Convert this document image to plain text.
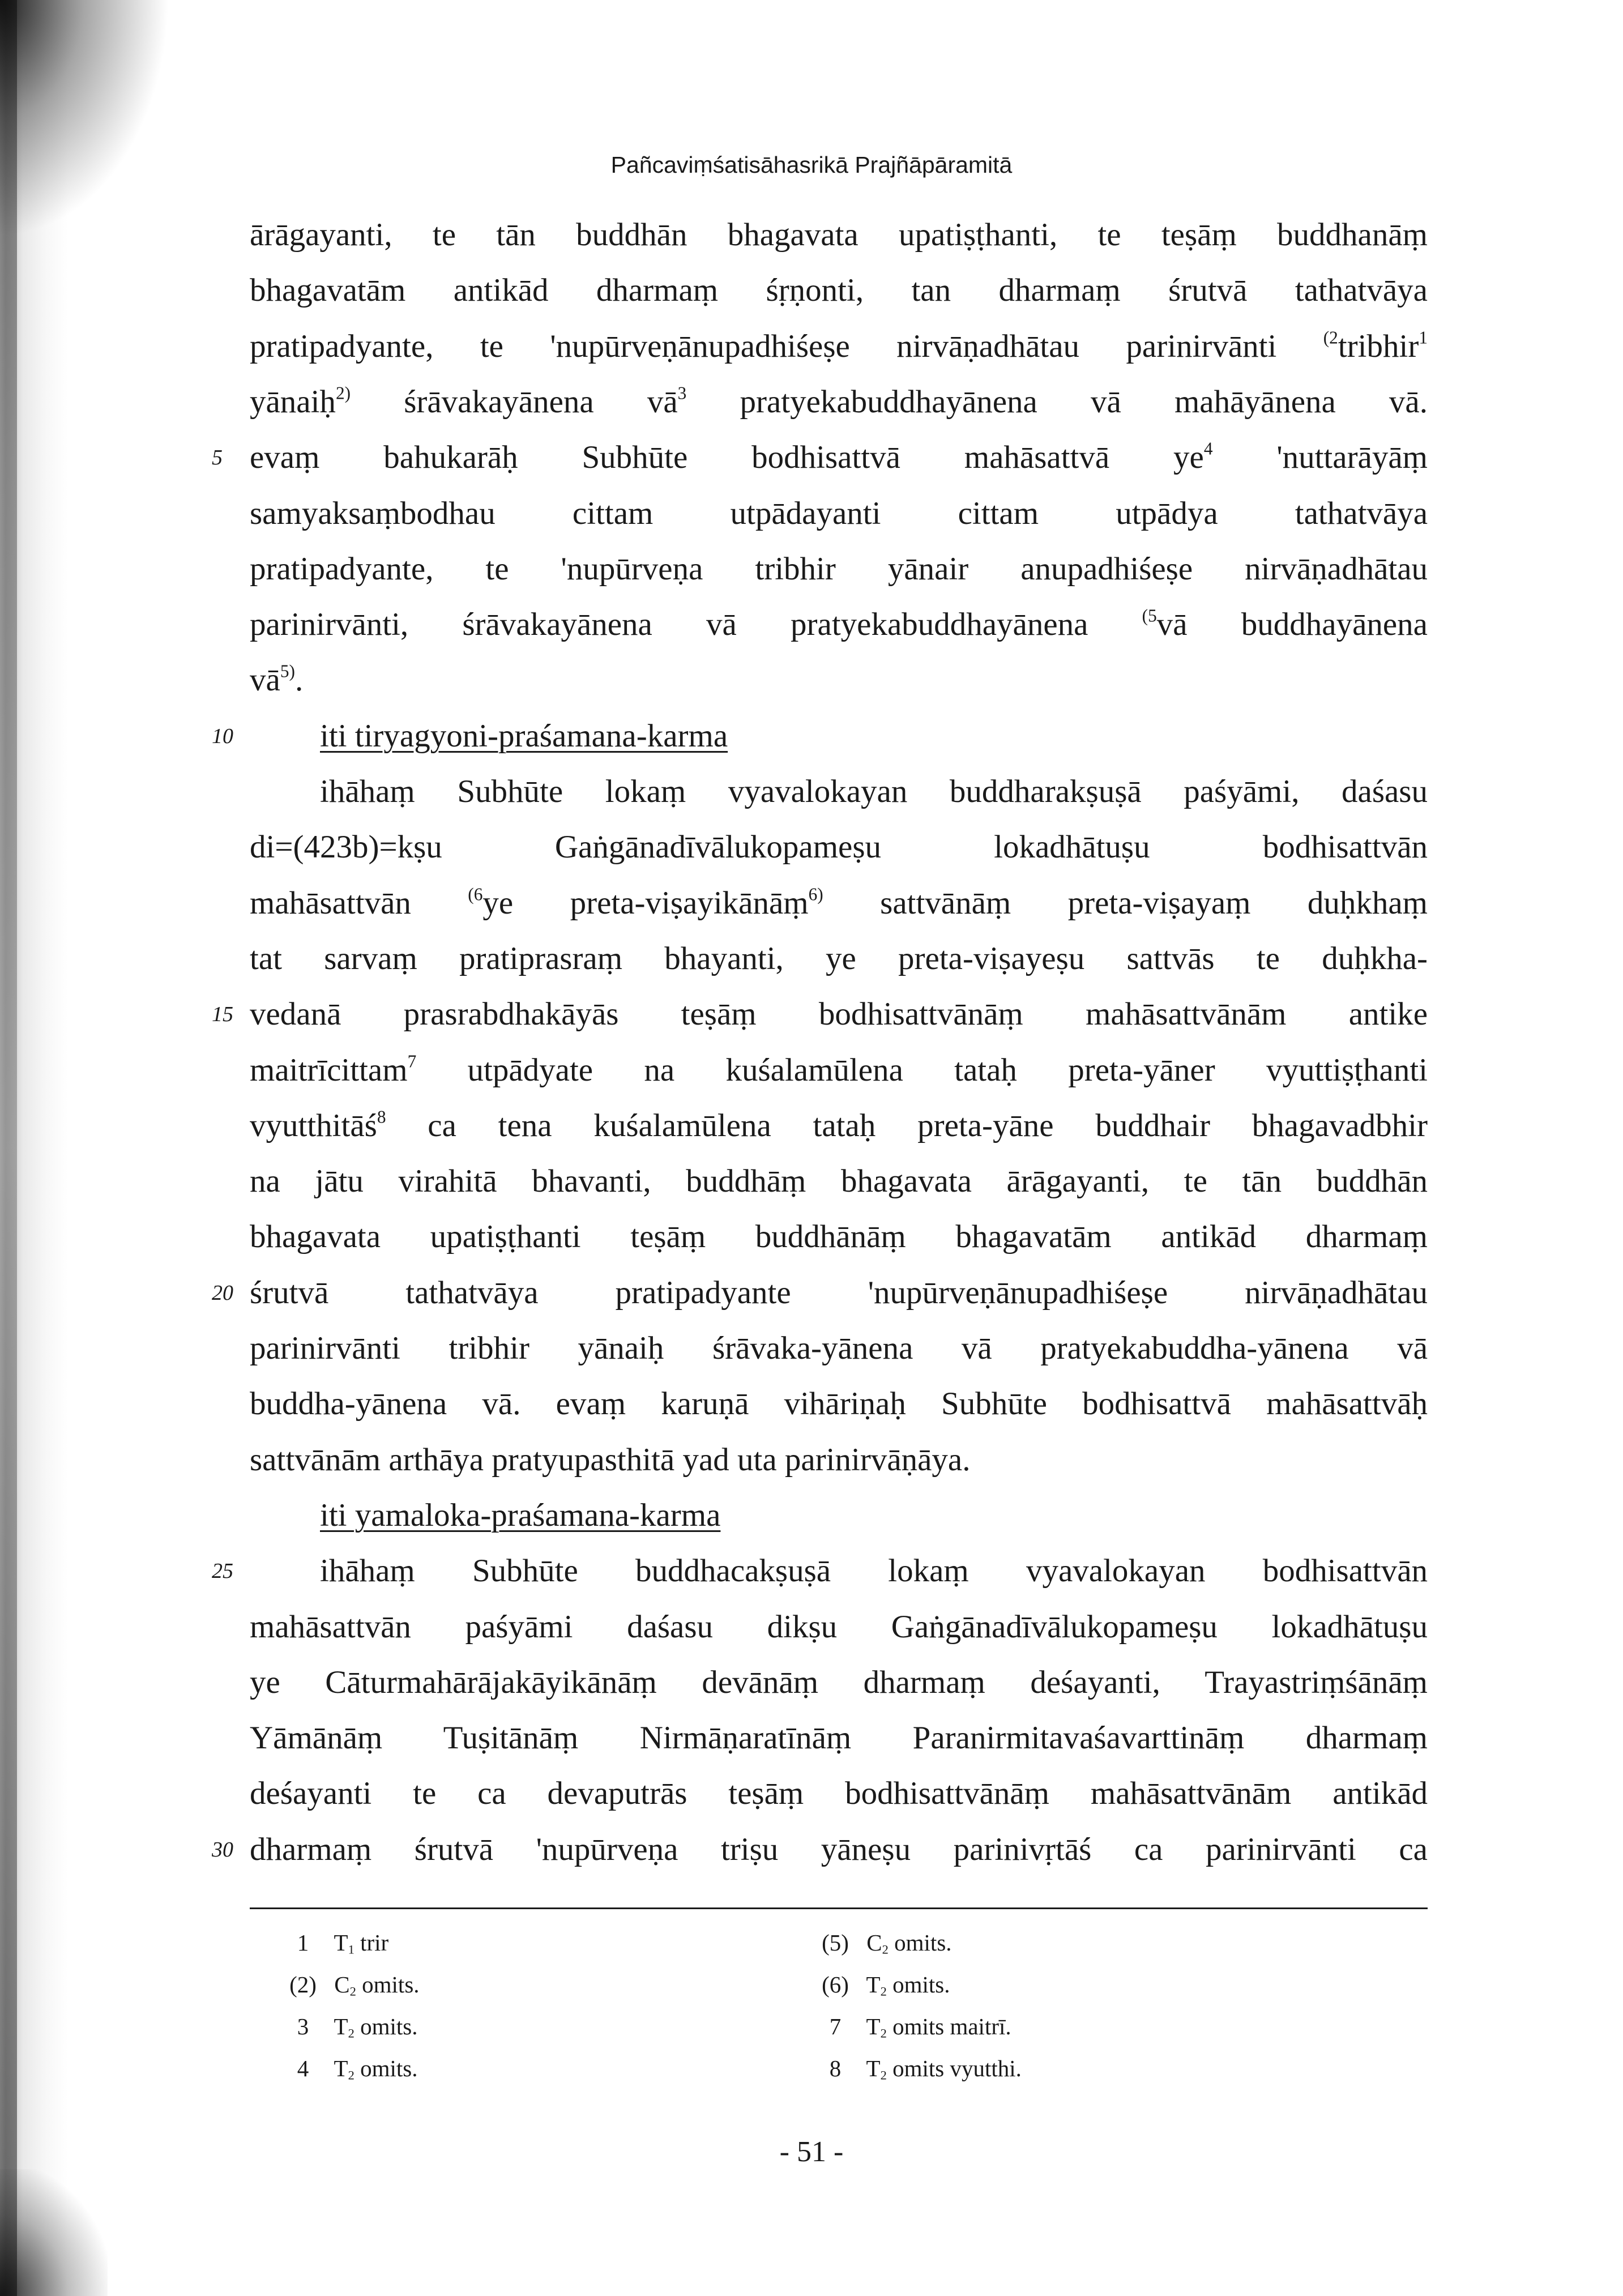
Pañcaviṃśatisāhasrikā Prajñāpāramitā
ārāgayanti, te tān buddhān bhagavata upatiṣṭhanti, te teṣāṃ buddhanāṃ
bhagavatām antikād dharmaṃ śṛṇonti, tan dharmaṃ śrutvā tathatvāya
pratipadyante, te 'nupūrveṇānupadhiśeṣe nirvāṇadhātau parinirvānti $^{(2}$tribhir$^1$
yānaiḥ$^{2)}$ śrāvakayānena $vā^3$ pratyekabuddhayānena vā mahāyānena vā.
evaṃ bahukarāḥ Subhūte bodhisattvā mahāsattvā $ye^4$ 'nuttarāyāṃ
5
samyaksaṃbodhau cittam utpādayanti cittam utpādya tathatvāya
pratipadyante, te 'nupūrveṇa tribhir yānair anupadhiśeṣe nirvāṇadhātau
parinirvānti, śrāvakayānena vā pratyekabuddhayānena $^{(5}$vā buddhayānena
$vā^{5)}$.
iti tiryagyoni-praśamana-karma
10
ihāhaṃ Subhūte lokaṃ vyavalokayan buddharakṣuṣā paśyāmi, daśasu
di=(423b)=kṣu Gaṅgānadīvālukopameṣu lokadhātuṣu bodhisattvān
mahāsattvān $^{(6}$ye preta-viṣayikānāṃ$^{6)}$ sattvānāṃ preta-viṣayaṃ duḥkhaṃ
tat sarvaṃ pratiprasraṃ bhayanti, ye preta-viṣayeṣu sattvās te duḥkha-
vedanā prasrabdhakāyās teṣāṃ bodhisattvānāṃ mahāsattvānām antike
15
maitrīcittam$^7$ utpādyate na kuśalamūlena tataḥ preta-yāner vyuttiṣṭhanti
vyutthitāś$^8$ ca tena kuśalamūlena tataḥ preta-yāne buddhair bhagavadbhir
na jātu virahitā bhavanti, buddhāṃ bhagavata ārāgayanti, te tān buddhān
bhagavata upatiṣṭhanti teṣāṃ buddhānāṃ bhagavatām antikād dharmaṃ
śrutvā tathatvāya pratipadyante 'nupūrveṇānupadhiśeṣe nirvāṇadhātau
20
parinirvānti tribhir yānaiḥ śrāvaka-yānena vā pratyekabuddha-yānena vā
buddha-yānena vā. evaṃ karuṇā vihāriṇaḥ Subhūte bodhisattvā mahāsattvāḥ
sattvānām arthāya pratyupasthitā yad uta parinirvāṇāya.
iti yamaloka-praśamana-karma
ihāhaṃ Subhūte buddhacakṣuṣā lokaṃ vyavalokayan bodhisattvān
25
mahāsattvān paśyāmi daśasu dikṣu Gaṅgānadīvālukopameṣu lokadhātuṣu
ye Cāturmahārājakāyikānāṃ devānāṃ dharmaṃ deśayanti, Trayastriṃśānāṃ
Yāmānāṃ Tuṣitānāṃ Nirmāṇaratīnāṃ Paranirmitavaśavarttināṃ dharmaṃ
deśayanti te ca devaputrās teṣāṃ bodhisattvānāṃ mahāsattvānām antikād
dharmaṃ śrutvā 'nupūrveṇa triṣu yāneṣu parinivṛtāś ca parinirvānti ca
30
1 $T_1$ trir
(2) $C_2$ omits.
3 $T_2$ omits.
4 $T_2$ omits.
(5) $C_2$ omits.
(6) $T_2$ omits.
7 $T_2$ omits maitrī.
8 $T_2$ omits vyutthi.
- 51 -
